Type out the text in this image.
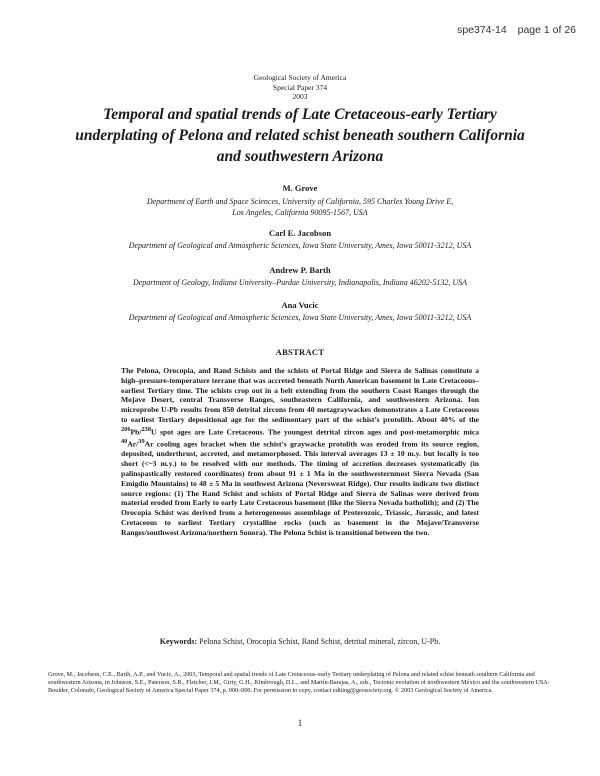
spe374-14 page 1 of 26
Geological Society of America
Special Paper 374
2003
Temporal and spatial trends of Late Cretaceous-early Tertiary underplating of Pelona and related schist beneath southern California and southwestern Arizona
M. Grove
Department of Earth and Space Sciences, University of California, 595 Charles Young Drive E,
Los Angeles, California 90095-1567, USA
Carl E. Jacobson
Department of Geological and Atmospheric Sciences, Iowa State University, Ames, Iowa 50011-3212, USA
Andrew P. Barth
Department of Geology, Indiana University–Purdue University, Indianapolis, Indiana 46202-5132, USA
Ana Vucic
Department of Geological and Atmospheric Sciences, Iowa State University, Ames, Iowa 50011-3212, USA
ABSTRACT
The Pelona, Orocopia, and Rand Schists and the schists of Portal Ridge and Sierra de Salinas constitute a high–pressure-temperature terrane that was accreted beneath North American basement in Late Cretaceous–earliest Tertiary time. The schists crop out in a belt extending from the southern Coast Ranges through the Mojave Desert, central Transverse Ranges, southeastern California, and southwestern Arizona. Ion microprobe U-Pb results from 850 detrital zircons from 40 metagraywackes demonstrates a Late Cretaceous to earliest Tertiary depositional age for the sedimentary part of the schist’s protolith. About 40% of the $^{206}$Pb/$^{238}$U spot ages are Late Cretaceous. The youngest detrital zircon ages and post-metamorphic mica $^{40}$Ar/$^{39}$Ar cooling ages bracket when the schist’s graywacke protolith was eroded from its source region, deposited, underthrust, accreted, and metamorphosed. This interval averages 13 ± 10 m.y. but locally is too short (<~3 m.y.) to be resolved with our methods. The timing of accretion decreases systematically (in palinspastically restored coordinates) from about 91 ± 1 Ma in the southwesternmost Sierra Nevada (San Emigdio Mountains) to 48 ± 5 Ma in southwest Arizona (Neversweat Ridge). Our results indicate two distinct source regions: (1) The Rand Schist and schists of Portal Ridge and Sierra de Salinas were derived from material eroded from Early to early Late Cretaceous basement (like the Sierra Nevada batholith); and (2) The Orocopia Schist was derived from a heterogeneous assemblage of Proterozoic, Triassic, Jurassic, and latest Cretaceous to earliest Tertiary crystalline rocks (such as basement in the Mojave/Transverse Ranges/southwest Arizona/northern Sonora). The Pelona Schist is transitional between the two.
Keywords: Pelona Schist, Orocopia Schist, Rand Schist, detrital mineral, zircon, U-Pb.
Grove, M., Jacobson, C.E., Barth, A.P., and Vucic, A., 2003, Temporal and spatial trends of Late Cretaceous–early Tertiary underplating of Pelona and related schist beneath southern California and southwestern Arizona, in Johnson, S.E., Paterson, S.R., Fletcher, J.M., Girty, G.H., Kimbrough, D.L., and Martín-Barajas, A., eds., Tectonic evolution of northwestern México and the southwestern USA: Boulder, Colorado, Geological Society of America Special Paper 374, p. 000–000. For permission to copy, contact editing@geosociety.org. © 2003 Geological Society of America.
1
